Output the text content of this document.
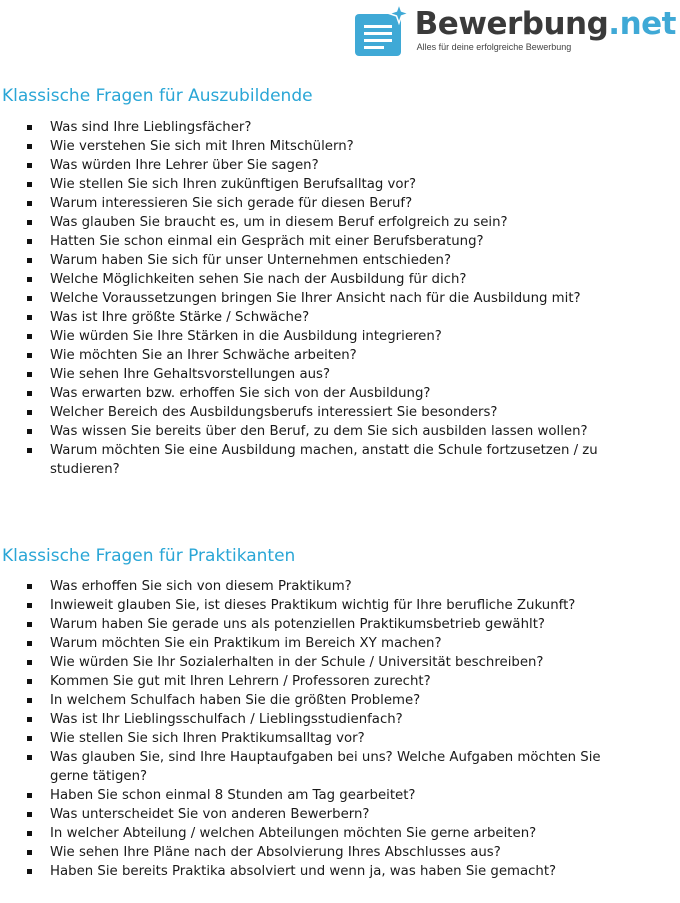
Bewerbung.net
Alles für deine erfolgreiche Bewerbung
Klassische Fragen für Auszubildende
Was sind Ihre Lieblingsfächer?
Wie verstehen Sie sich mit Ihren Mitschülern?
Was würden Ihre Lehrer über Sie sagen?
Wie stellen Sie sich Ihren zukünftigen Berufsalltag vor?
Warum interessieren Sie sich gerade für diesen Beruf?
Was glauben Sie braucht es, um in diesem Beruf erfolgreich zu sein?
Hatten Sie schon einmal ein Gespräch mit einer Berufsberatung?
Warum haben Sie sich für unser Unternehmen entschieden?
Welche Möglichkeiten sehen Sie nach der Ausbildung für dich?
Welche Voraussetzungen bringen Sie Ihrer Ansicht nach für die Ausbildung mit?
Was ist Ihre größte Stärke / Schwäche?
Wie würden Sie Ihre Stärken in die Ausbildung integrieren?
Wie möchten Sie an Ihrer Schwäche arbeiten?
Wie sehen Ihre Gehaltsvorstellungen aus?
Was erwarten bzw. erhoffen Sie sich von der Ausbildung?
Welcher Bereich des Ausbildungsberufs interessiert Sie besonders?
Was wissen Sie bereits über den Beruf, zu dem Sie sich ausbilden lassen wollen?
Warum möchten Sie eine Ausbildung machen, anstatt die Schule fortzusetzen / zu studieren?
Klassische Fragen für Praktikanten
Was erhoffen Sie sich von diesem Praktikum?
Inwieweit glauben Sie, ist dieses Praktikum wichtig für Ihre berufliche Zukunft?
Warum haben Sie gerade uns als potenziellen Praktikumsbetrieb gewählt?
Warum möchten Sie ein Praktikum im Bereich XY machen?
Wie würden Sie Ihr Sozialerhalten in der Schule / Universität beschreiben?
Kommen Sie gut mit Ihren Lehrern / Professoren zurecht?
In welchem Schulfach haben Sie die größten Probleme?
Was ist Ihr Lieblingsschulfach / Lieblingsstudienfach?
Wie stellen Sie sich Ihren Praktikumsalltag vor?
Was glauben Sie, sind Ihre Hauptaufgaben bei uns? Welche Aufgaben möchten Sie gerne tätigen?
Haben Sie schon einmal 8 Stunden am Tag gearbeitet?
Was unterscheidet Sie von anderen Bewerbern?
In welcher Abteilung / welchen Abteilungen möchten Sie gerne arbeiten?
Wie sehen Ihre Pläne nach der Absolvierung Ihres Abschlusses aus?
Haben Sie bereits Praktika absolviert und wenn ja, was haben Sie gemacht?
